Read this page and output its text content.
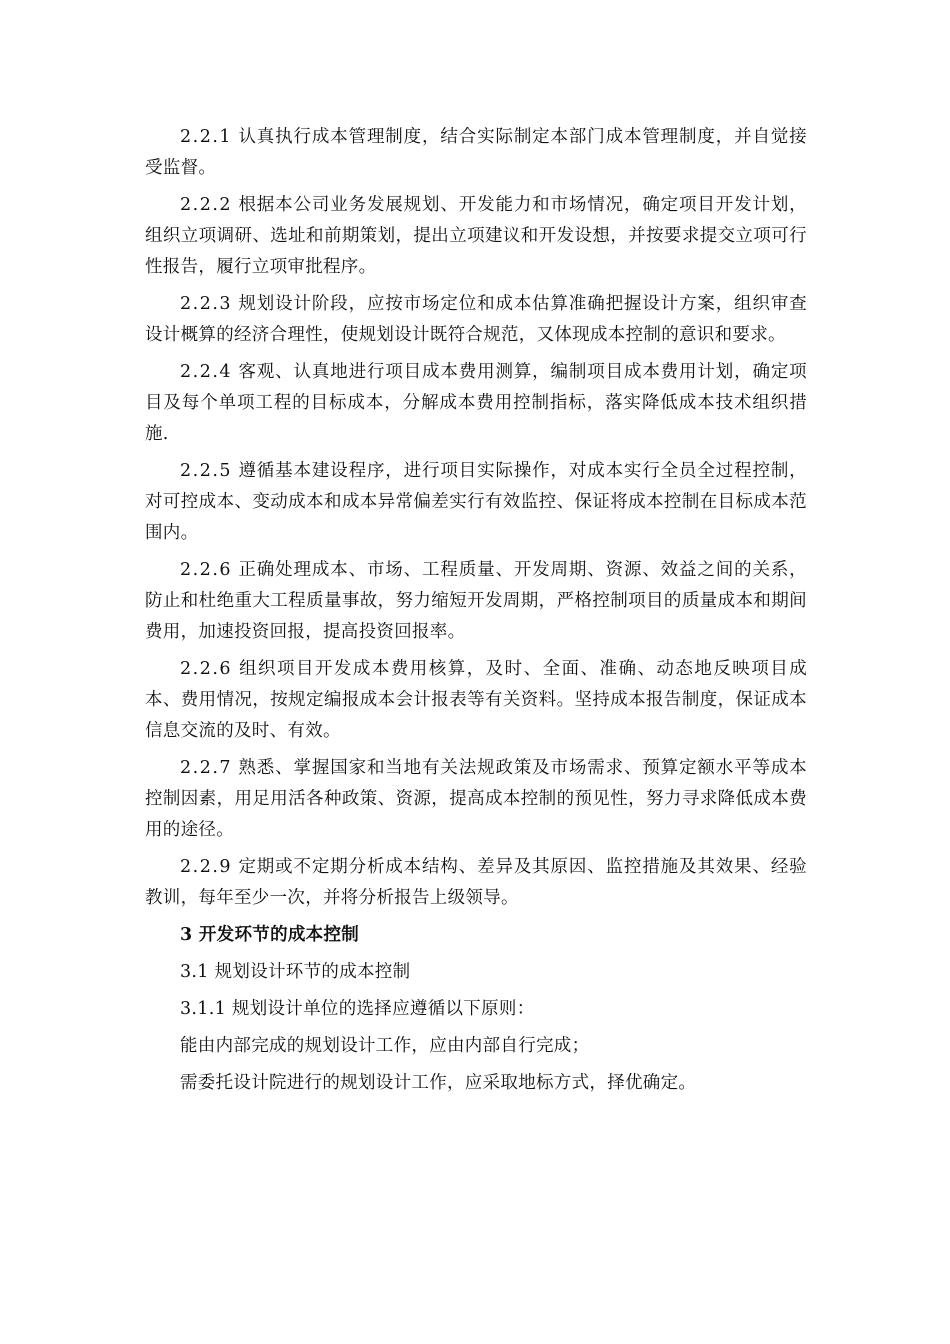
2.2.1 认真执行成本管理制度，结合实际制定本部门成本管理制度，并自觉接受监督。

2.2.2 根据本公司业务发展规划、开发能力和市场情况，确定项目开发计划，组织立项调研、选址和前期策划，提出立项建议和开发设想，并按要求提交立项可行性报告，履行立项审批程序。

2.2.3 规划设计阶段，应按市场定位和成本估算准确把握设计方案，组织审查设计概算的经济合理性，使规划设计既符合规范，又体现成本控制的意识和要求。

2.2.4 客观、认真地进行项目成本费用测算，编制项目成本费用计划，确定项目及每个单项工程的目标成本，分解成本费用控制指标，落实降低成本技术组织措施.

2.2.5 遵循基本建设程序，进行项目实际操作，对成本实行全员全过程控制，对可控成本、变动成本和成本异常偏差实行有效监控、保证将成本控制在目标成本范围内。

2.2.6 正确处理成本、市场、工程质量、开发周期、资源、效益之间的关系，防止和杜绝重大工程质量事故，努力缩短开发周期，严格控制项目的质量成本和期间费用，加速投资回报，提高投资回报率。

2.2.6 组织项目开发成本费用核算，及时、全面、准确、动态地反映项目成本、费用情况，按规定编报成本会计报表等有关资料。坚持成本报告制度，保证成本信息交流的及时、有效。

2.2.7 熟悉、掌握国家和当地有关法规政策及市场需求、预算定额水平等成本控制因素，用足用活各种政策、资源，提高成本控制的预见性，努力寻求降低成本费用的途径。

2.2.9 定期或不定期分析成本结构、差异及其原因、监控措施及其效果、经验教训，每年至少一次，并将分析报告上级领导。

3 开发环节的成本控制

3.1 规划设计环节的成本控制

3.1.1 规划设计单位的选择应遵循以下原则：

能由内部完成的规划设计工作，应由内部自行完成；

需委托设计院进行的规划设计工作，应采取地标方式，择优确定。
